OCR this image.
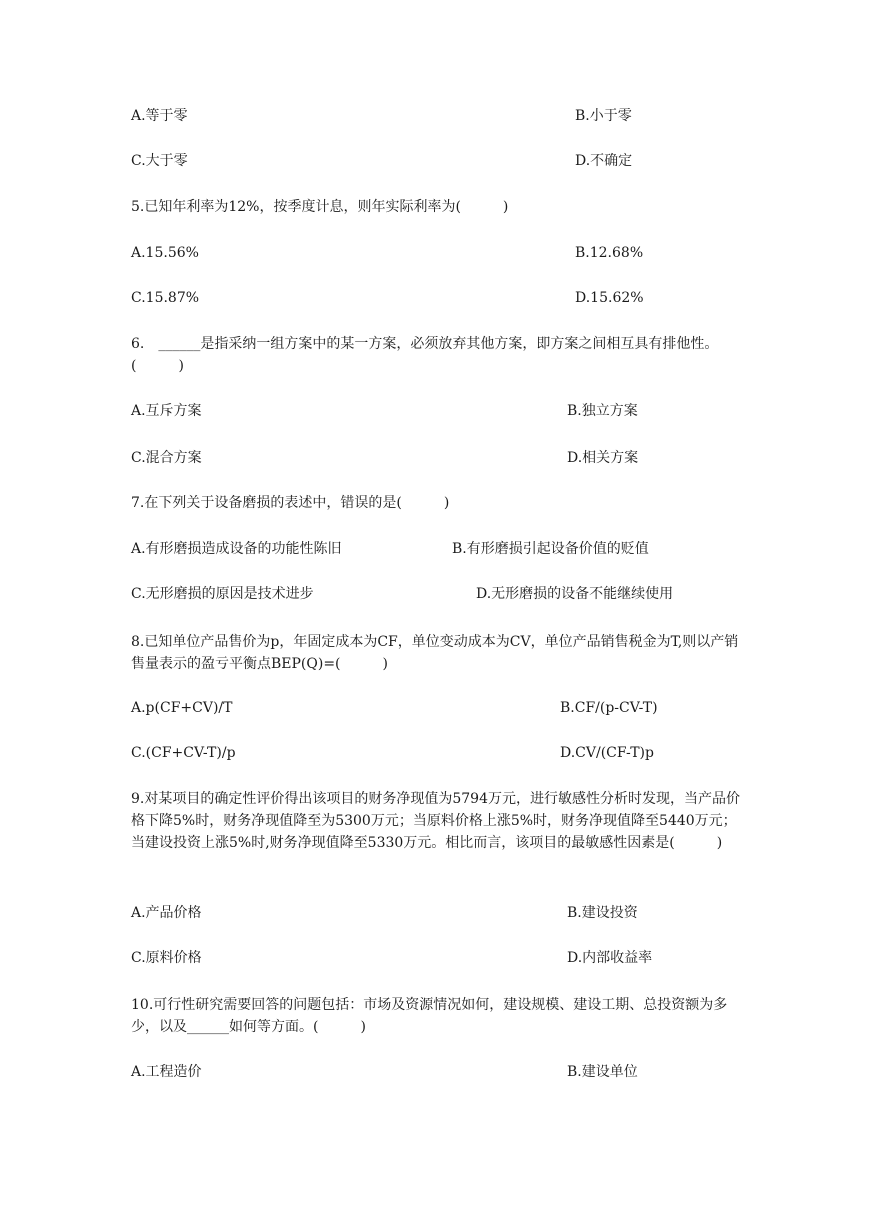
A.等于零	B.小于零
C.大于零	D.不确定
5.已知年利率为12%，按季度计息，则年实际利率为(　　　)
A.15.56%	B.12.68%
C.15.87%	D.15.62%
6.　______是指采纳一组方案中的某一方案，必须放弃其他方案，即方案之间相互具有排他性。(　　　)
A.互斥方案	B.独立方案
C.混合方案	D.相关方案
7.在下列关于设备磨损的表述中，错误的是(　　　)
A.有形磨损造成设备的功能性陈旧	B.有形磨损引起设备价值的贬值
C.无形磨损的原因是技术进步	D.无形磨损的设备不能继续使用
8.已知单位产品售价为p，年固定成本为CF，单位变动成本为CV，单位产品销售税金为T,则以产销售量表示的盈亏平衡点BEP(Q)=(　　　)
A.p(CF+CV)/T	B.CF/(p-CV-T)
C.(CF+CV-T)/p	D.CV/(CF-T)p
9.对某项目的确定性评价得出该项目的财务净现值为5794万元，进行敏感性分析时发现，当产品价格下降5%时，财务净现值降至为5300万元；当原料价格上涨5%时，财务净现值降至5440万元；当建设投资上涨5%时,财务净现值降至5330万元。相比而言，该项目的最敏感性因素是(　　　)
A.产品价格	B.建设投资
C.原料价格	D.内部收益率
10.可行性研究需要回答的问题包括：市场及资源情况如何，建设规模、建设工期、总投资额为多少，以及______如何等方面。(　　　)
A.工程造价	B.建设单位
